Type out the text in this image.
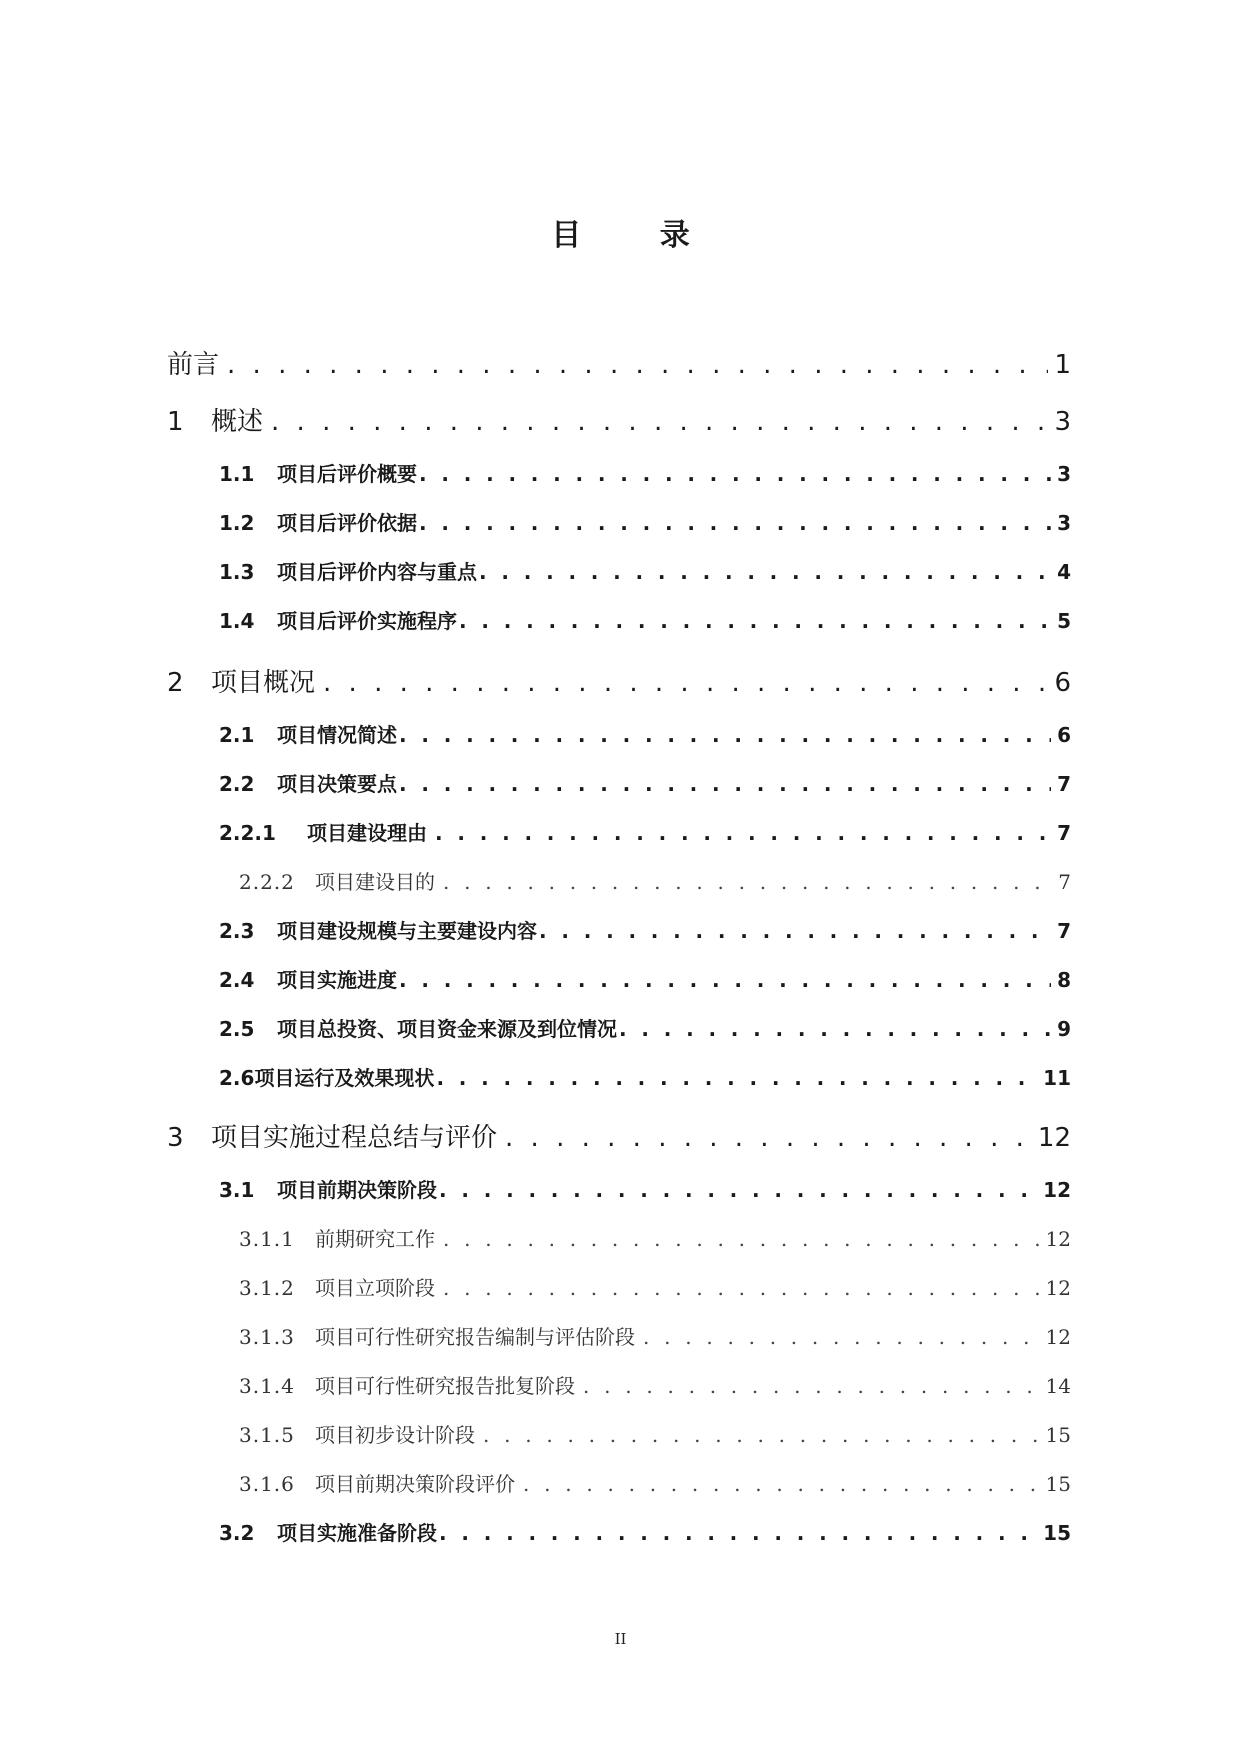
目 录
前言 . . .	1
1	概述 . . .	3
1.1	项目后评价概要 . . .	3
1.2	项目后评价依据 . . .	3
1.3	项目后评价内容与重点 . . .	4
1.4	项目后评价实施程序 . . .	5
2	项目概况 . . .	6
2.1	项目情况简述 . . .	6
2.2	项目决策要点 . . .	7
2.2.1	项目建设理由 . . .	7
2.2.2	项目建设目的 . . .	7
2.3	项目建设规模与主要建设内容 . . .	7
2.4	项目实施进度 . . .	8
2.5	项目总投资、项目资金来源及到位情况 . . .	9
2.6 项目运行及效果现状 . . .	11
3	项目实施过程总结与评价 . . .	12
3.1	项目前期决策阶段 . . .	12
3.1.1	前期研究工作 . . .	12
3.1.2	项目立项阶段 . . .	12
3.1.3	项目可行性研究报告编制与评估阶段 . . .	12
3.1.4	项目可行性研究报告批复阶段 . . .	14
3.1.5	项目初步设计阶段 . . .	15
3.1.6	项目前期决策阶段评价 . . .	15
3.2	项目实施准备阶段 . . .	15
II
